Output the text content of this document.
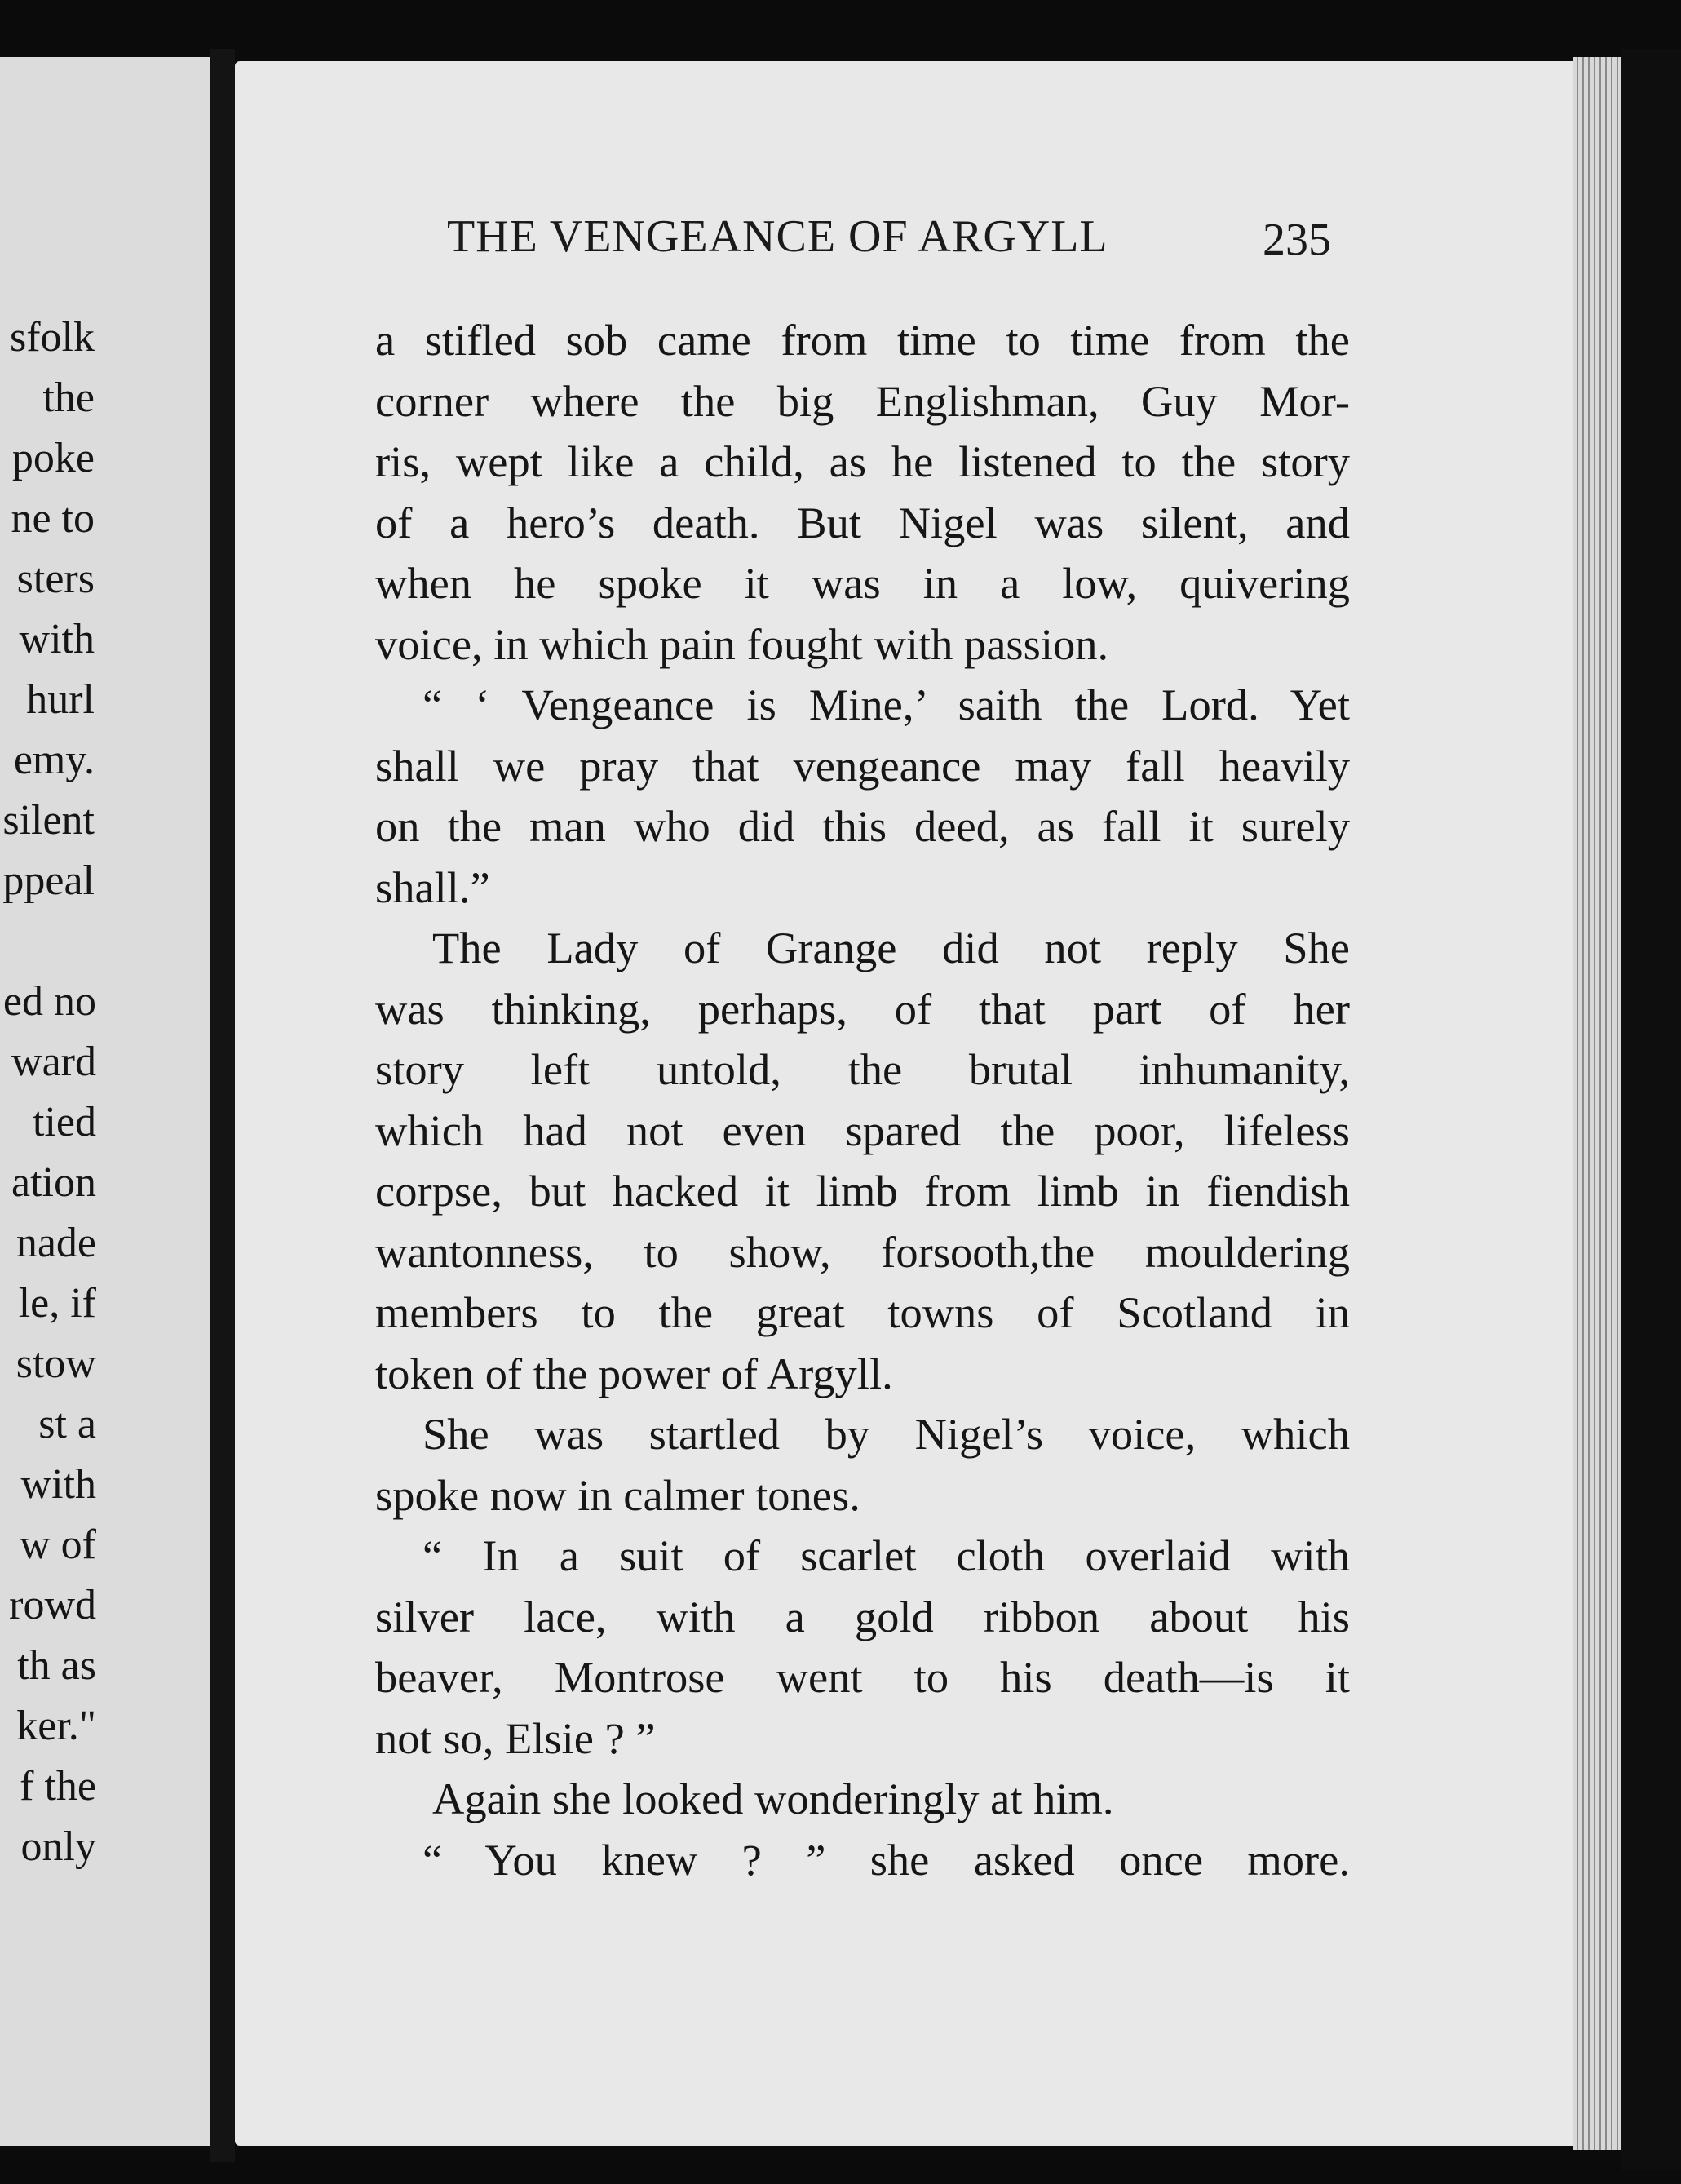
sfolk
the
poke
ne to
sters
with
hurl
emy.
silent
ppeal
ed no
ward
tied
ation
nade
le, if
stow
st a
with
w of
rowd
th as
ker."
f the
only
THE VENGEANCE OF ARGYLL	235

a stifled sob came from time to time from the
corner where the big Englishman, Guy Mor-
ris, wept like a child, as he listened to the story
of a hero’s death. But Nigel was silent, and
when he spoke it was in a low, quivering
voice, in which pain fought with passion.

“ ‘ Vengeance is Mine,’ saith the Lord. Yet
shall we pray that vengeance may fall heavily
on the man who did this deed, as fall it surely
shall.”

The Lady of Grange did not reply She
was thinking, perhaps, of that part of her
story left untold, the brutal inhumanity,
which had not even spared the poor, lifeless
corpse, but hacked it limb from limb in fiendish
wantonness, to show, forsooth,the mouldering
members to the great towns of Scotland in
token of the power of Argyll.

She was startled by Nigel’s voice, which
spoke now in calmer tones.

“ In a suit of scarlet cloth overlaid with
silver lace, with a gold ribbon about his
beaver, Montrose went to his death—is it
not so, Elsie ? ”

Again she looked wonderingly at him.

“ You knew ? ” she asked once more.
